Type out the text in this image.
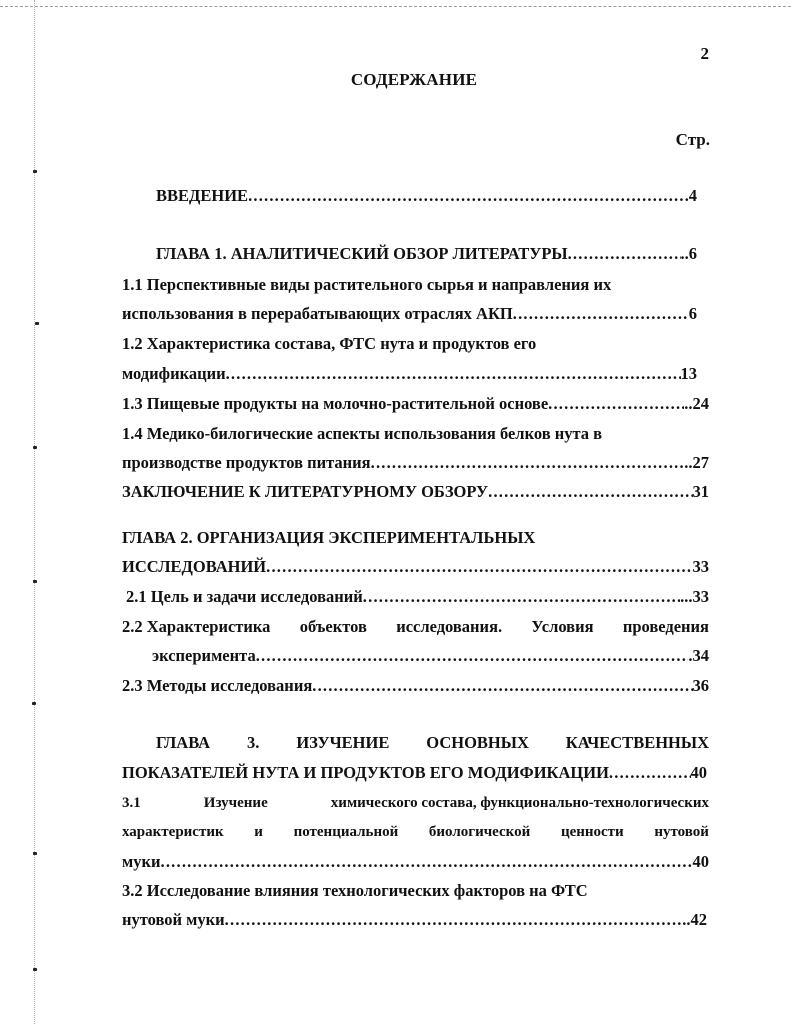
2
СОДЕРЖАНИЕ
Стр.
ВВЕДЕНИЕ .....	4
ГЛАВА 1. АНАЛИТИЧЕСКИЙ ОБЗОР ЛИТЕРАТУРЫ .....	..6
1.1 Перспективные виды растительного сырья и направления их
использования в перерабатывающих отраслях АКП .....	6
1.2 Характеристика состава, ФТС нута и продуктов его
модификации .....	13
1.3 Пищевые продукты на молочно-растительной основе .....	..24
1.4 Медико-билогические аспекты использования белков нута в
производстве продуктов питания .....	..27
ЗАКЛЮЧЕНИЕ К ЛИТЕРАТУРНОМУ ОБЗОРУ .....	31
ГЛАВА 2. ОРГАНИЗАЦИЯ ЭКСПЕРИМЕНТАЛЬНЫХ
ИССЛЕДОВАНИЙ .....	33
2.1 Цель и задачи исследований .....	...33
2.2 Характеристика объектов исследования. Условия проведения
эксперимента .....	.34
2.3 Методы исследования .....	36
ГЛАВА 3. ИЗУЧЕНИЕ ОСНОВНЫХ КАЧЕСТВЕННЫХ
ПОКАЗАТЕЛЕЙ НУТА И ПРОДУКТОВ ЕГО МОДИФИКАЦИИ .....	40
3.1	Изучение	химического состава, функционально-технологических
характеристик и потенциальной биологической ценности нутовой
муки .....	40
3.2 Исследование влияния технологических факторов на ФТС
нутовой муки .....	..42
